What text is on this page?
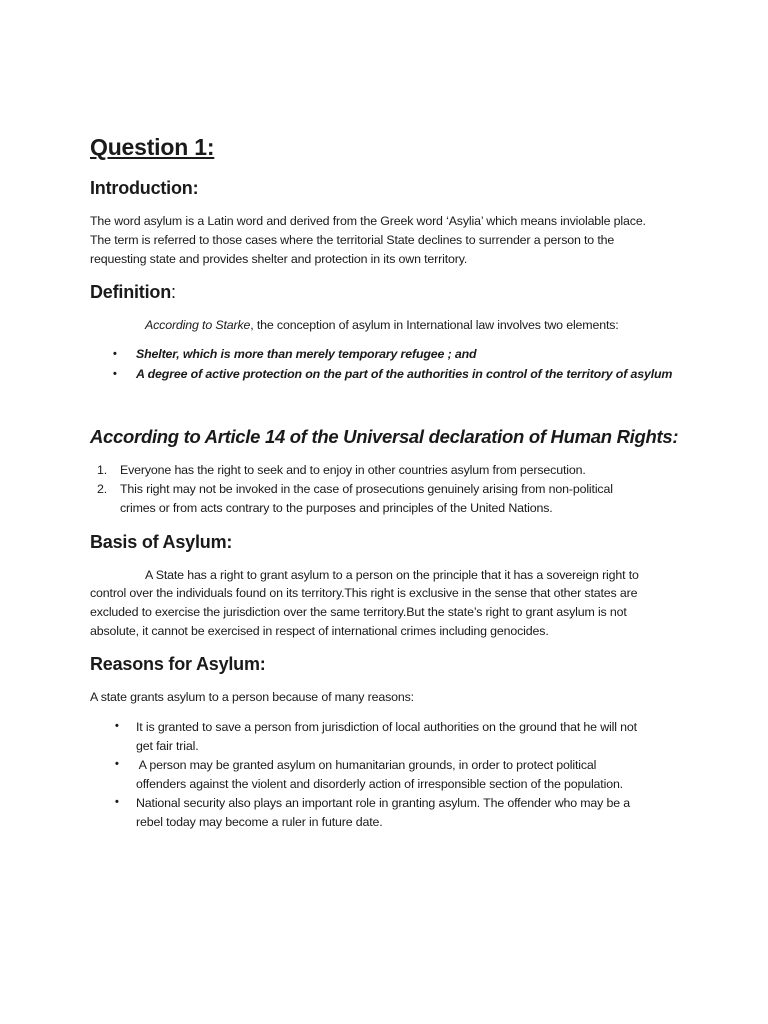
Question 1:
Introduction:
The word asylum is a Latin word and derived from the Greek word ‘Asylia’ which means inviolable place.
The term is referred to those cases where the territorial State declines to surrender a person to the
requesting state and provides shelter and protection in its own territory.
Definition:
According to Starke, the conception of asylum in International law involves two elements:
• Shelter, which is more than merely temporary refugee ; and
• A degree of active protection on the part of the authorities in control of the territory of asylum
According to Article 14 of the Universal declaration of Human Rights:
1. Everyone has the right to seek and to enjoy in other countries asylum from persecution.
2. This right may not be invoked in the case of prosecutions genuinely arising from non-political
crimes or from acts contrary to the purposes and principles of the United Nations.
Basis of Asylum:
A State has a right to grant asylum to a person on the principle that it has a sovereign right to
control over the individuals found on its territory.This right is exclusive in the sense that other states are
excluded to exercise the jurisdiction over the same territory.But the state’s right to grant asylum is not
absolute, it cannot be exercised in respect of international crimes including genocides.
Reasons for Asylum:
A state grants asylum to a person because of many reasons:
• It is granted to save a person from jurisdiction of local authorities on the ground that he will not
get fair trial.
• A person may be granted asylum on humanitarian grounds, in order to protect political
offenders against the violent and disorderly action of irresponsible section of the population.
• National security also plays an important role in granting asylum. The offender who may be a
rebel today may become a ruler in future date.
